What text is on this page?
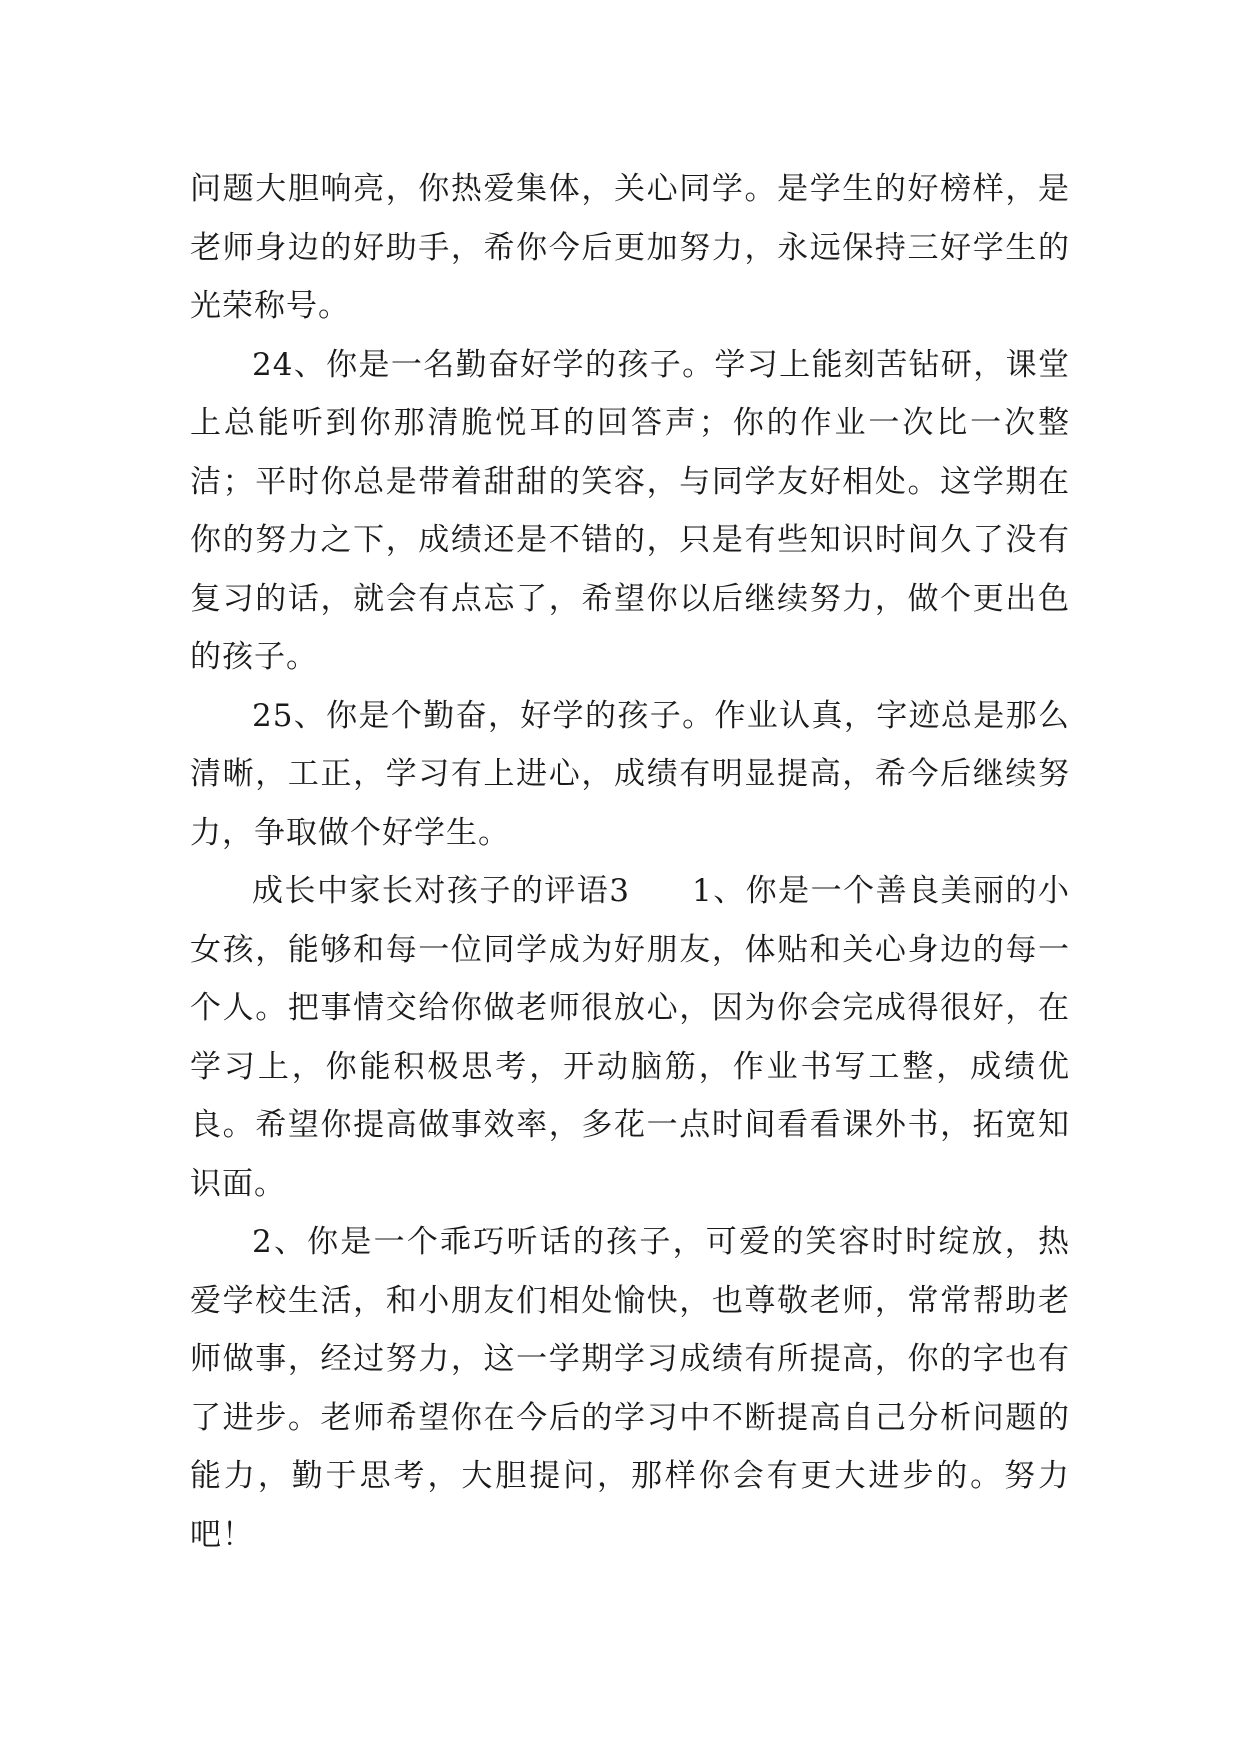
问题大胆响亮，你热爱集体，关心同学。是学生的好榜样，是老师身边的好助手，希你今后更加努力，永远保持三好学生的光荣称号。

24、你是一名勤奋好学的孩子。学习上能刻苦钻研，课堂上总能听到你那清脆悦耳的回答声；你的作业一次比一次整洁；平时你总是带着甜甜的笑容，与同学友好相处。这学期在你的努力之下，成绩还是不错的，只是有些知识时间久了没有复习的话，就会有点忘了，希望你以后继续努力，做个更出色的孩子。

25、你是个勤奋，好学的孩子。作业认真，字迹总是那么清晰，工正，学习有上进心，成绩有明显提高，希今后继续努力，争取做个好学生。

成长中家长对孩子的评语3 1、你是一个善良美丽的小女孩，能够和每一位同学成为好朋友，体贴和关心身边的每一个人。把事情交给你做老师很放心，因为你会完成得很好，在学习上，你能积极思考，开动脑筋，作业书写工整，成绩优良。希望你提高做事效率，多花一点时间看看课外书，拓宽知识面。

2、你是一个乖巧听话的孩子，可爱的笑容时时绽放，热爱学校生活，和小朋友们相处愉快，也尊敬老师，常常帮助老师做事，经过努力，这一学期学习成绩有所提高，你的字也有了进步。老师希望你在今后的学习中不断提高自己分析问题的能力，勤于思考，大胆提问，那样你会有更大进步的。努力吧！
